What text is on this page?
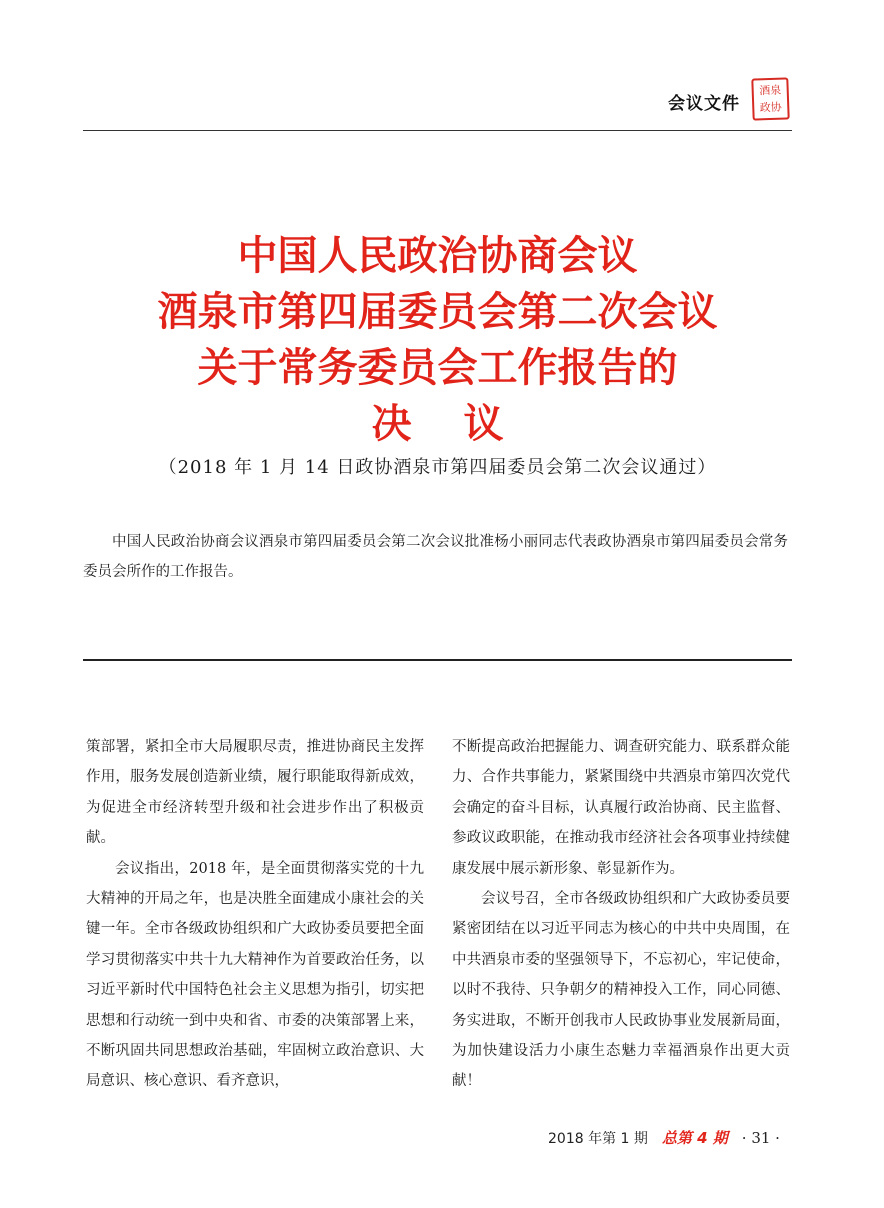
会议文件
酒泉
政协
中国人民政治协商会议
酒泉市第四届委员会第二次会议
关于常务委员会工作报告的
决议
（2018 年 1 月 14 日政协酒泉市第四届委员会第二次会议通过）

中国人民政治协商会议酒泉市第四届委员会第二次会议批准杨小丽同志代表政协酒泉市第四届委员会常务委员会所作的工作报告。

策部署，紧扣全市大局履职尽责，推进协商民主发挥作用，服务发展创造新业绩，履行职能取得新成效，为促进全市经济转型升级和社会进步作出了积极贡献。

会议指出，2018 年，是全面贯彻落实党的十九大精神的开局之年，也是决胜全面建成小康社会的关键一年。全市各级政协组织和广大政协委员要把全面学习贯彻落实中共十九大精神作为首要政治任务，以习近平新时代中国特色社会主义思想为指引，切实把思想和行动统一到中央和省、市委的决策部署上来，不断巩固共同思想政治基础，牢固树立政治意识、大局意识、核心意识、看齐意识，

不断提高政治把握能力、调查研究能力、联系群众能力、合作共事能力，紧紧围绕中共酒泉市第四次党代会确定的奋斗目标，认真履行政治协商、民主监督、参政议政职能，在推动我市经济社会各项事业持续健康发展中展示新形象、彰显新作为。

会议号召，全市各级政协组织和广大政协委员要紧密团结在以习近平同志为核心的中共中央周围，在中共酒泉市委的坚强领导下，不忘初心，牢记使命，以时不我待、只争朝夕的精神投入工作，同心同德、务实进取，不断开创我市人民政协事业发展新局面，为加快建设活力小康生态魅力幸福酒泉作出更大贡献！

2018 年第 1 期 总第 4 期 · 31 ·
